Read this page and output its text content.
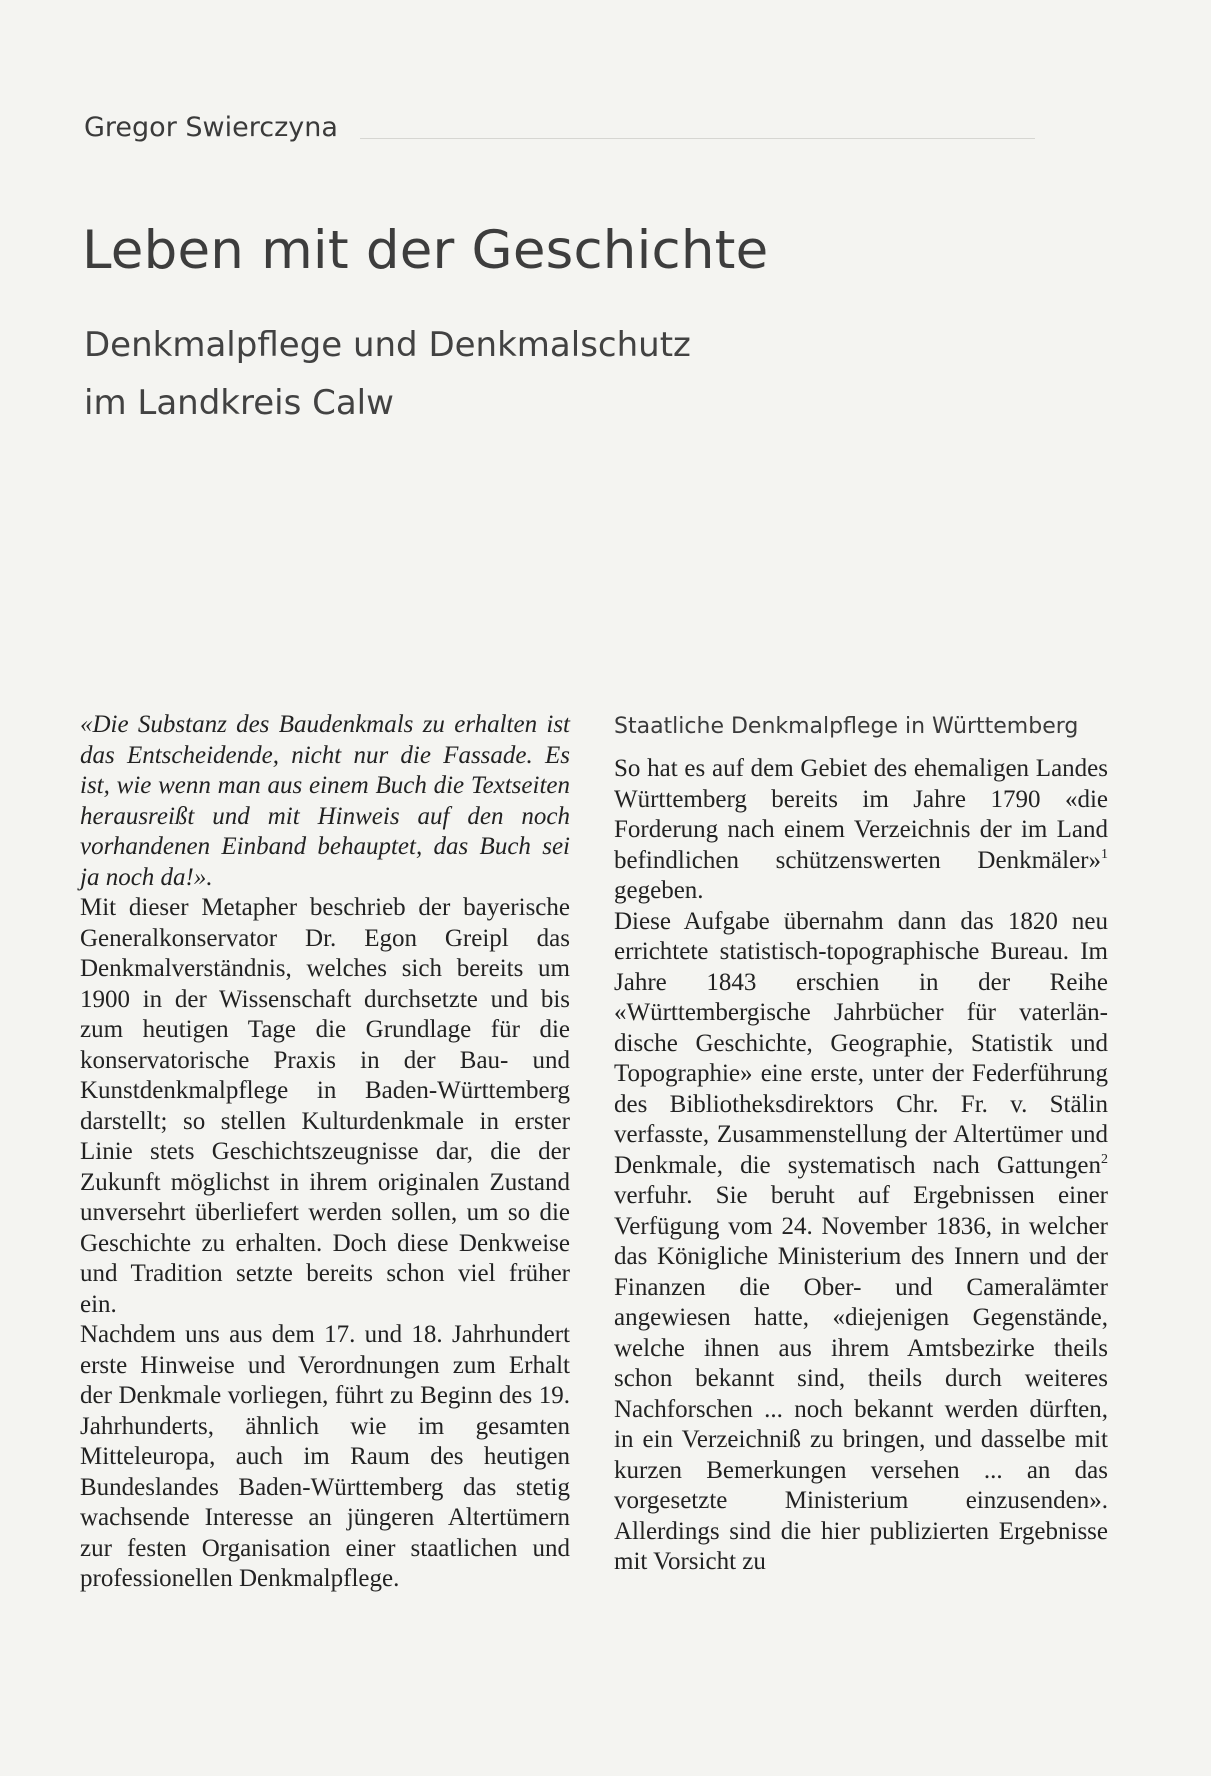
Gregor Swierczyna
Leben mit der Geschichte
Denkmalpflege und Denkmalschutz
im Landkreis Calw

«Die Substanz des Baudenkmals zu erhalten ist das Entscheidende, nicht nur die Fassade. Es ist, wie wenn man aus einem Buch die Textseiten herausreißt und mit Hinweis auf den noch vorhandenen Einband behauptet, das Buch sei ja noch da!».

Mit dieser Metapher beschrieb der bayerische Generalkonservator Dr. Egon Greipl das Denkmalverständnis, welches sich bereits um 1900 in der Wissenschaft durchsetzte und bis zum heutigen Tage die Grundlage für die konservatorische Praxis in der Bau- und Kunstdenkmalpflege in Baden-Württemberg darstellt; so stellen Kulturdenkmale in erster Linie stets Geschichtszeugnisse dar, die der Zukunft möglichst in ihrem originalen Zustand unversehrt überliefert werden sollen, um so die Geschichte zu erhalten. Doch diese Denkweise und Tradition setzte bereits schon viel früher ein.

Nachdem uns aus dem 17. und 18. Jahrhundert erste Hinweise und Verordnungen zum Erhalt der Denkmale vorliegen, führt zu Beginn des 19. Jahrhunderts, ähnlich wie im gesamten Mitteleuropa, auch im Raum des heutigen Bundeslandes Baden-Württemberg das stetig wachsende Interesse an jüngeren Altertümern zur festen Organisation einer staatlichen und professionellen Denkmalpflege.

Staatliche Denkmalpflege in Württemberg

So hat es auf dem Gebiet des ehemaligen Landes Württemberg bereits im Jahre 1790 «die Forderung nach einem Verzeichnis der im Land befindlichen schützenswerten Denkmäler»$^1$ gegeben.

Diese Aufgabe übernahm dann das 1820 neu errichtete statistisch-topographische Bureau. Im Jahre 1843 erschien in der Reihe «Württembergische Jahrbücher für vaterländische Geschichte, Geographie, Statistik und Topographie» eine erste, unter der Federführung des Bibliotheksdirektors Chr. Fr. v. Stälin verfasste, Zusammenstellung der Altertümer und Denkmale, die systematisch nach Gattungen$^2$ verfuhr. Sie beruht auf Ergebnissen einer Verfügung vom 24. November 1836, in welcher das Königliche Ministerium des Innern und der Finanzen die Ober- und Cameralämter angewiesen hatte, «diejenigen Gegenstände, welche ihnen aus ihrem Amtsbezirke theils schon bekannt sind, theils durch weiteres Nachforschen ... noch bekannt werden dürften, in ein Verzeichniß zu bringen, und dasselbe mit kurzen Bemerkungen versehen ... an das vorgesetzte Ministerium einzusenden». Allerdings sind die hier publizierten Ergebnisse mit Vorsicht zu
